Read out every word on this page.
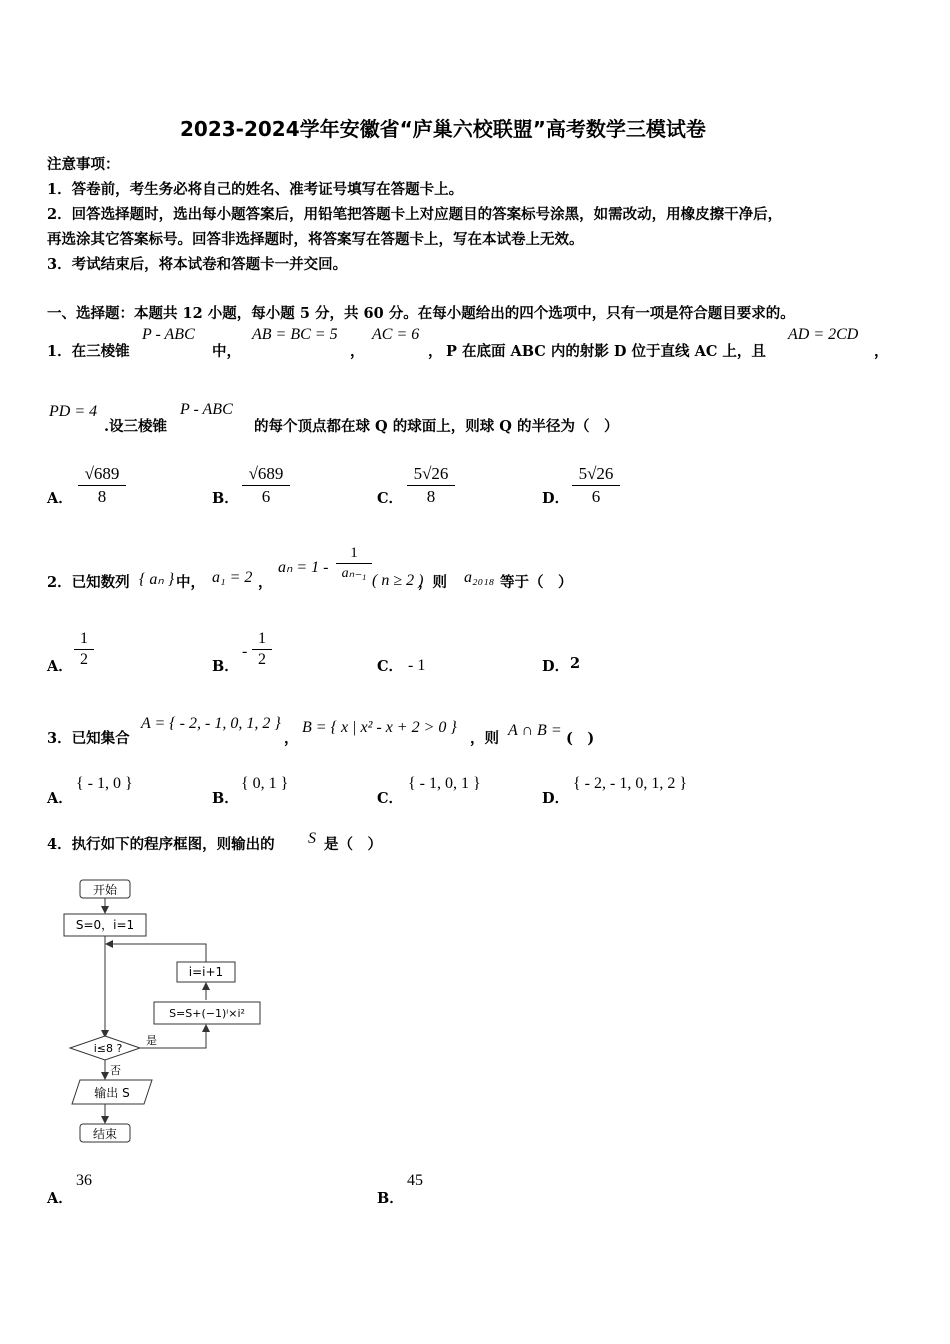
2023-2024学年安徽省“庐巢六校联盟”高考数学三模试卷
注意事项：
1．答卷前，考生务必将自己的姓名、准考证号填写在答题卡上。
2．回答选择题时，选出每小题答案后，用铅笔把答题卡上对应题目的答案标号涂黑，如需改动，用橡皮擦干净后，
再选涂其它答案标号。回答非选择题时，将答案写在答题卡上，写在本试卷上无效。
3．考试结束后，将本试卷和答题卡一并交回。
一、选择题：本题共 12 小题，每小题 5 分，共 60 分。在每小题给出的四个选项中，只有一项是符合题目要求的。
1．在三棱锥
P - ABC
中，
AB = BC = 5
，
AC = 6
， P 在底面 ABC 内的射影 D 位于直线 AC 上，且
AD = 2CD
，
PD = 4
.设三棱锥
P - ABC
的每个顶点都在球 Q 的球面上，则球 Q 的半径为（　）
A． $\frac{√689}{8}$	B． $\frac{√689}{6}$	C． $\frac{5√26}{8}$	D． $\frac{5√26}{6}$
2．已知数列 { aₙ } 中， a₁ = 2 ，
$a_n = 1 - \frac{1}{\text{aₙ₋₁}}$ ( n ≥ 2 )
，则 a₂₀₁₈ 等于（　）
A． $\frac{1}{2}$	B．
- $\frac{1}{2}$	C． - 1	D． 2
3．已知集合
A = { - 2, - 1, 0, 1, 2 }
，
B = { x | x² - x + 2 > 0 }
，则 A ∩ B = (　)
A．
{ - 1, 0 }
B．
{ 0, 1 }
C．
{ - 1, 0, 1 }
D．
{ - 2, - 1, 0, 1, 2 }
4．执行如下的程序框图，则输出的 S 是（　）
开始
S=0，i=1
i=i+1
S=S+(−1)ⁱ×i²
i≤8 ?
是
否
输出 S
结束
A．
36
B．
45
